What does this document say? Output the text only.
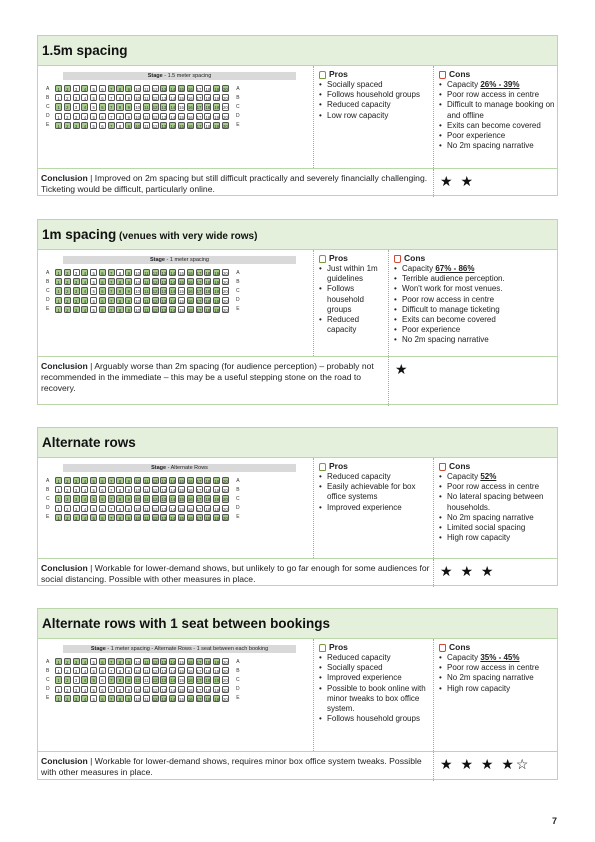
1.5m spacing
Stage - 1.5 meter spacing
A	1	2	3	4	5	6	7	8	9	10 11 12 13 14 15 16 17 18 19 20	A
B	1	2	3	4	5	6	7	8	9	10 11 12 13 14 15 16 17 18 19 20	B
C	1	2	3	4	5	6	7	8	9	10 11 12 13 14 15 16 17 18 19 20	C
D	1	2	3	4	5	6	7	8	9	10 11 12 13 14 15 16 17 18 19 20	D
E	1	2	3	4	5	6	7	8	9	10 11 12 13 14 15 16 17 18 19 20	E
Pros
• Socially spaced
• Follows household groups
• Reduced capacity
• Low row capacity
Cons
• Capacity 26% - 39%
• Poor row access in centre
• Difficult to manage booking on and offline
• Exits can become covered
• Poor experience
• No 2m spacing narrative
Conclusion | Improved on 2m spacing but still difficult practically and severely financially challenging. Ticketing would be difficult, particularly online.
★ ★
1m spacing (venues with very wide rows)
Stage - 1 meter spacing
A	1	2	3	4	5	6	7	8	9	10 11 12 13 14 15 16 17 18 19 20	A
B	1	2	3	4	5	6	7	8	9	10 11 12 13 14 15 16 17 18 19 20	B
C	1	2	3	4	5	6	7	8	9	10 11 12 13 14 15 16 17 18 19 20	C
D	1	2	3	4	5	6	7	8	9	10 11 12 13 14 15 16 17 18 19 20	D
E	1	2	3	4	5	6	7	8	9	10 11 12 13 14 15 16 17 18 19 20	E
Pros
• Just within 1m guidelines
• Follows household groups
• Reduced capacity
Cons
• Capacity 67% - 86%
• Terrible audience perception.
• Won't work for most venues.
• Poor row access in centre
• Difficult to manage ticketing
• Exits can become covered
• Poor experience
• No 2m spacing narrative
Conclusion | Arguably worse than 2m spacing (for audience perception) – probably not recommended in the immediate – this may be a useful stepping stone on the road to recovery.
★
Alternate rows
Stage - Alternate Rows
A	1	2	3	4	5	6	7	8	9	10 11 12 13 14 15 16 17 18 19 20	A
B	1	2	3	4	5	6	7	8	9	10 11 12 13 14 15 16 17 18 19 20	B
C	1	2	3	4	5	6	7	8	9	10 11 12 13 14 15 16 17 18 19 20	C
D	1	2	3	4	5	6	7	8	9	10 11 12 13 14 15 16 17 18 19 20	D
E	1	2	3	4	5	6	7	8	9	10 11 12 13 14 15 16 17 18 19 20	E
Pros
• Reduced capacity
• Easily achievable for box office systems
• Improved experience
Cons
• Capacity 52%
• Poor row access in centre
• No lateral spacing between households.
• No 2m spacing narrative
• Limited social spacing
• High row capacity
Conclusion | Workable for lower-demand shows, but unlikely to go far enough for some audiences for social distancing. Possible with other measures in place.
★ ★ ★
Alternate rows with 1 seat between bookings
Stage - 1 meter spacing - Alternate Rows - 1 seat between each booking
A	1	2	3	4	5	6	7	8	9	10 11 12 13 14 15 16 17 18 19 20	A
B	1	2	3	4	5	6	7	8	9	10 11 12 13 14 15 16 17 18 19 20	B
C	1	2	3	4	5	6	7	8	9	10 11 12 13 14 15 16 17 18 19 20	C
D	1	2	3	4	5	6	7	8	9	10 11 12 13 14 15 16 17 18 19 20	D
E	1	2	3	4	5	6	7	8	9	10 11 12 13 14 15 16 17 18 19 20	E
Pros
• Reduced capacity
• Socially spaced
• Improved experience
• Possible to book online with minor tweaks to box office system.
• Follows household groups
Cons
• Capacity 35% - 45%
• Poor row access in centre
• No 2m spacing narrative
• High row capacity
Conclusion | Workable for lower-demand shows, requires minor box office system tweaks. Possible with other measures in place.
★ ★ ★ ★☆
7
